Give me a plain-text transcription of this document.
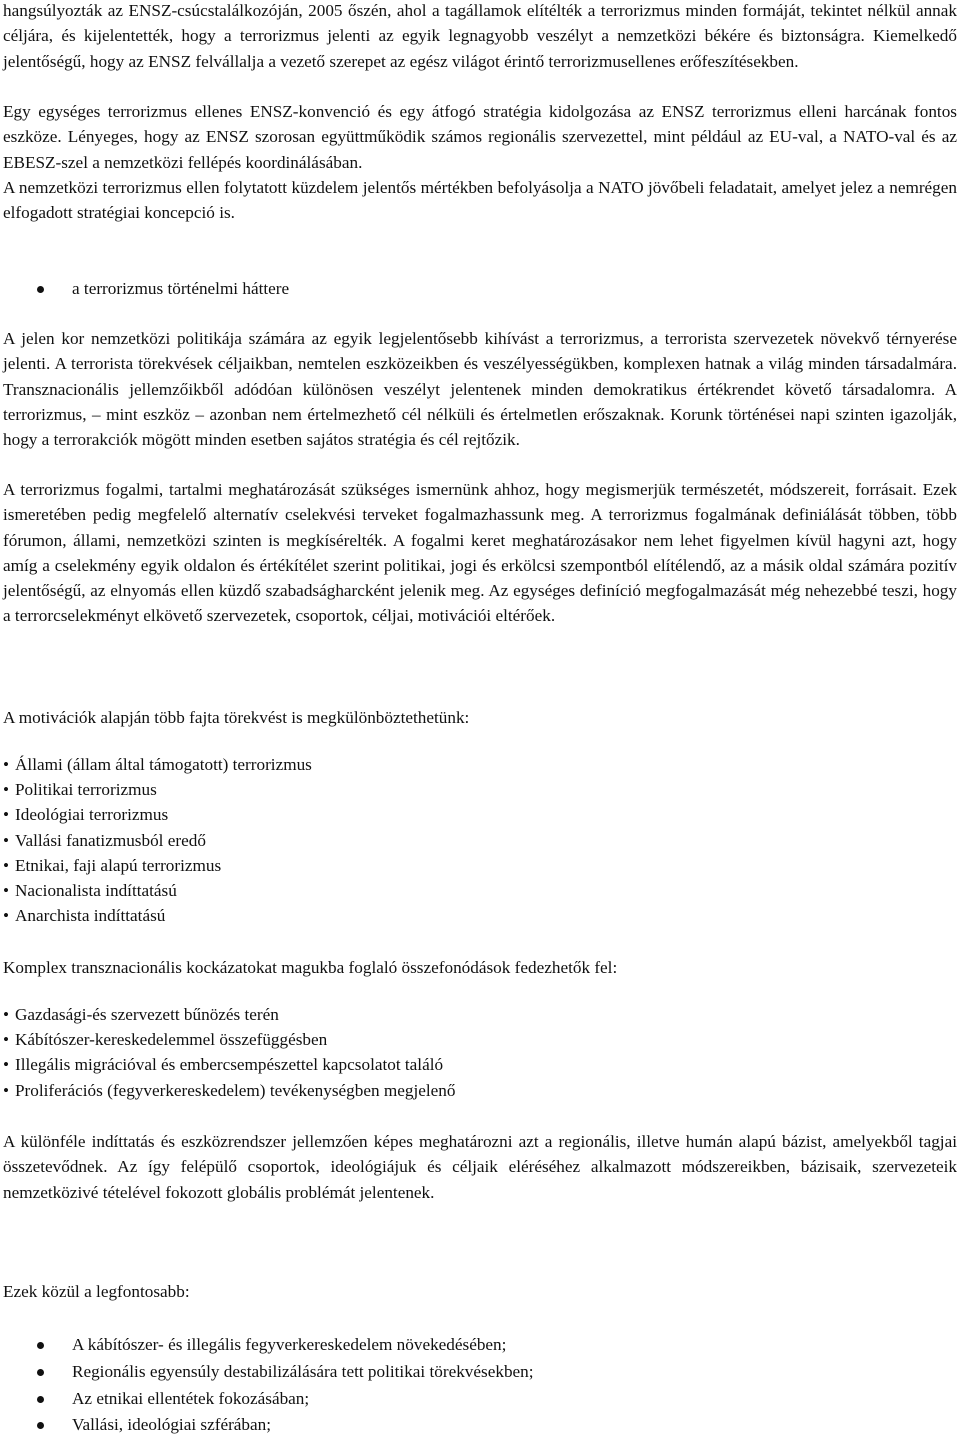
hangsúlyozták az ENSZ-csúcstalálkozóján, 2005 őszén, ahol a tagállamok elítélték a terrorizmus minden formáját, tekintet nélkül annak céljára, és kijelentették, hogy a terrorizmus jelenti az egyik legnagyobb veszélyt a nemzetközi békére és biztonságra. Kiemelkedő jelentőségű, hogy az ENSZ felvállalja a vezető szerepet az egész világot érintő terrorizmusellenes erőfeszítésekben.

Egy egységes terrorizmus ellenes ENSZ-konvenció és egy átfogó stratégia kidolgozása az ENSZ terrorizmus elleni harcának fontos eszköze. Lényeges, hogy az ENSZ szorosan együttműködik számos regionális szervezettel, mint például az EU-val, a NATO-val és az EBESZ-szel a nemzetközi fellépés koordinálásában.

A nemzetközi terrorizmus ellen folytatott küzdelem jelentős mértékben befolyásolja a NATO jövőbeli feladatait, amelyet jelez a nemrégen elfogadott stratégiai koncepció is.

a terrorizmus történelmi háttere

A jelen kor nemzetközi politikája számára az egyik legjelentősebb kihívást a terrorizmus, a terrorista szervezetek növekvő térnyerése jelenti. A terrorista törekvések céljaikban, nemtelen eszközeikben és veszélyességükben, komplexen hatnak a világ minden társadalmára. Transznacionális jellemzőikből adódóan különösen veszélyt jelentenek minden demokratikus értékrendet követő társadalomra. A terrorizmus, – mint eszköz – azonban nem értelmezhető cél nélküli és értelmetlen erőszaknak. Korunk történései napi szinten igazolják, hogy a terrorakciók mögött minden esetben sajátos stratégia és cél rejtőzik.

A terrorizmus fogalmi, tartalmi meghatározását szükséges ismernünk ahhoz, hogy megismerjük természetét, módszereit, forrásait. Ezek ismeretében pedig megfelelő alternatív cselekvési terveket fogalmazhassunk meg. A terrorizmus fogalmának definiálását többen, több fórumon, állami, nemzetközi szinten is megkísérelték. A fogalmi keret meghatározásakor nem lehet figyelmen kívül hagyni azt, hogy amíg a cselekmény egyik oldalon és értékítélet szerint politikai, jogi és erkölcsi szempontból elítélendő, az a másik oldal számára pozitív jelentőségű, az elnyomás ellen küzdő szabadságharcként jelenik meg. Az egységes definíció megfogalmazását még nehezebbé teszi, hogy a terrorcselekményt elkövető szervezetek, csoportok, céljai, motivációi eltérőek.

A motivációk alapján több fajta törekvést is megkülönböztethetünk:

• Állami (állam által támogatott) terrorizmus
• Politikai terrorizmus
• Ideológiai terrorizmus
• Vallási fanatizmusból eredő
• Etnikai, faji alapú terrorizmus
• Nacionalista indíttatású
• Anarchista indíttatású

Komplex transznacionális kockázatokat magukba foglaló összefonódások fedezhetők fel:

• Gazdasági-és szervezett bűnözés terén
• Kábítószer-kereskedelemmel összefüggésben
• Illegális migrációval és embercsempészettel kapcsolatot találó
• Proliferációs (fegyverkereskedelem) tevékenységben megjelenő

A különféle indíttatás és eszközrendszer jellemzően képes meghatározni azt a regionális, illetve humán alapú bázist, amelyekből tagjai összetevődnek. Az így felépülő csoportok, ideológiájuk és céljaik eléréséhez alkalmazott módszereikben, bázisaik, szervezeteik nemzetközivé tételével fokozott globális problémát jelentenek.

Ezek közül a legfontosabb:

A kábítószer- és illegális fegyverkereskedelem növekedésében;
Regionális egyensúly destabilizálására tett politikai törekvésekben;
Az etnikai ellentétek fokozásában;
Vallási, ideológiai szférában;
